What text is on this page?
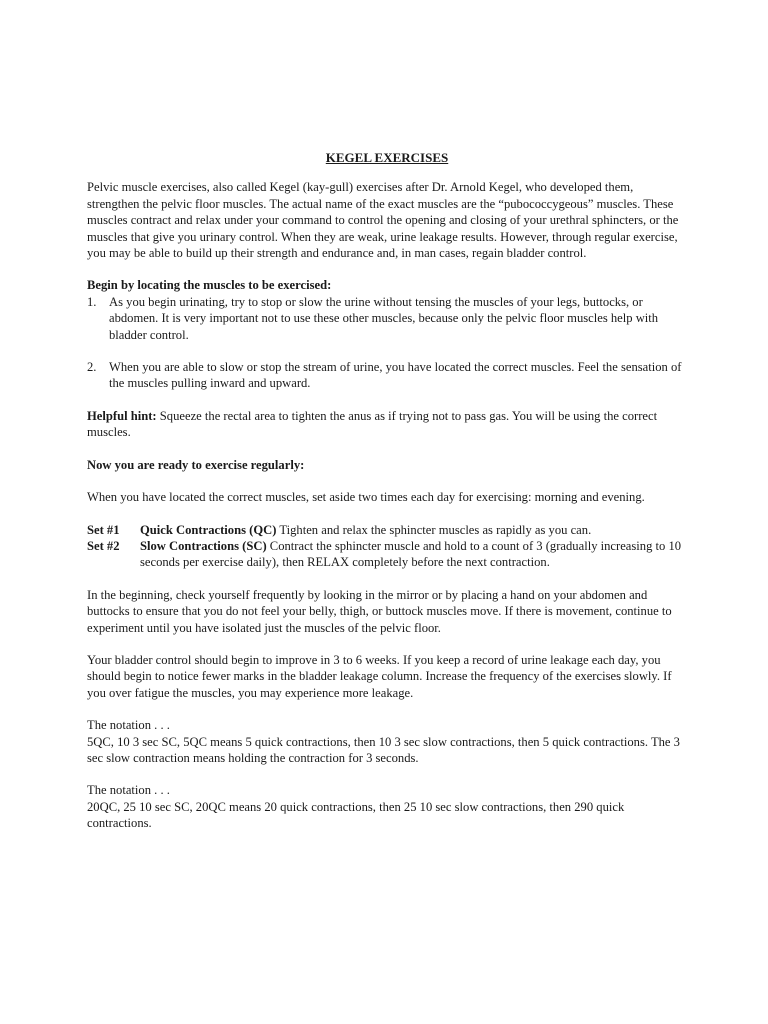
KEGEL EXERCISES

Pelvic muscle exercises, also called Kegel (kay-gull) exercises after Dr. Arnold Kegel, who developed them, strengthen the pelvic floor muscles. The actual name of the exact muscles are the “pubococcygeous” muscles. These muscles contract and relax under your command to control the opening and closing of your urethral sphincters, or the muscles that give you urinary control. When they are weak, urine leakage results. However, through regular exercise, you may be able to build up their strength and endurance and, in man cases, regain bladder control.

Begin by locating the muscles to be exercised:
1. As you begin urinating, try to stop or slow the urine without tensing the muscles of your legs, buttocks, or abdomen. It is very important not to use these other muscles, because only the pelvic floor muscles help with bladder control.
2. When you are able to slow or stop the stream of urine, you have located the correct muscles. Feel the sensation of the muscles pulling inward and upward.

Helpful hint: Squeeze the rectal area to tighten the anus as if trying not to pass gas. You will be using the correct muscles.

Now you are ready to exercise regularly:

When you have located the correct muscles, set aside two times each day for exercising: morning and evening.

Set #1	Quick Contractions (QC) Tighten and relax the sphincter muscles as rapidly as you can.
Set #2	Slow Contractions (SC) Contract the sphincter muscle and hold to a count of 3 (gradually increasing to 10 seconds per exercise daily), then RELAX completely before the next contraction.

In the beginning, check yourself frequently by looking in the mirror or by placing a hand on your abdomen and buttocks to ensure that you do not feel your belly, thigh, or buttock muscles move. If there is movement, continue to experiment until you have isolated just the muscles of the pelvic floor.

Your bladder control should begin to improve in 3 to 6 weeks. If you keep a record of urine leakage each day, you should begin to notice fewer marks in the bladder leakage column. Increase the frequency of the exercises slowly. If you over fatigue the muscles, you may experience more leakage.

The notation . . .

5QC, 10 3 sec SC, 5QC means 5 quick contractions, then 10 3 sec slow contractions, then 5 quick contractions. The 3 sec slow contraction means holding the contraction for 3 seconds.

The notation . . .

20QC, 25 10 sec SC, 20QC means 20 quick contractions, then 25 10 sec slow contractions, then 290 quick contractions.
